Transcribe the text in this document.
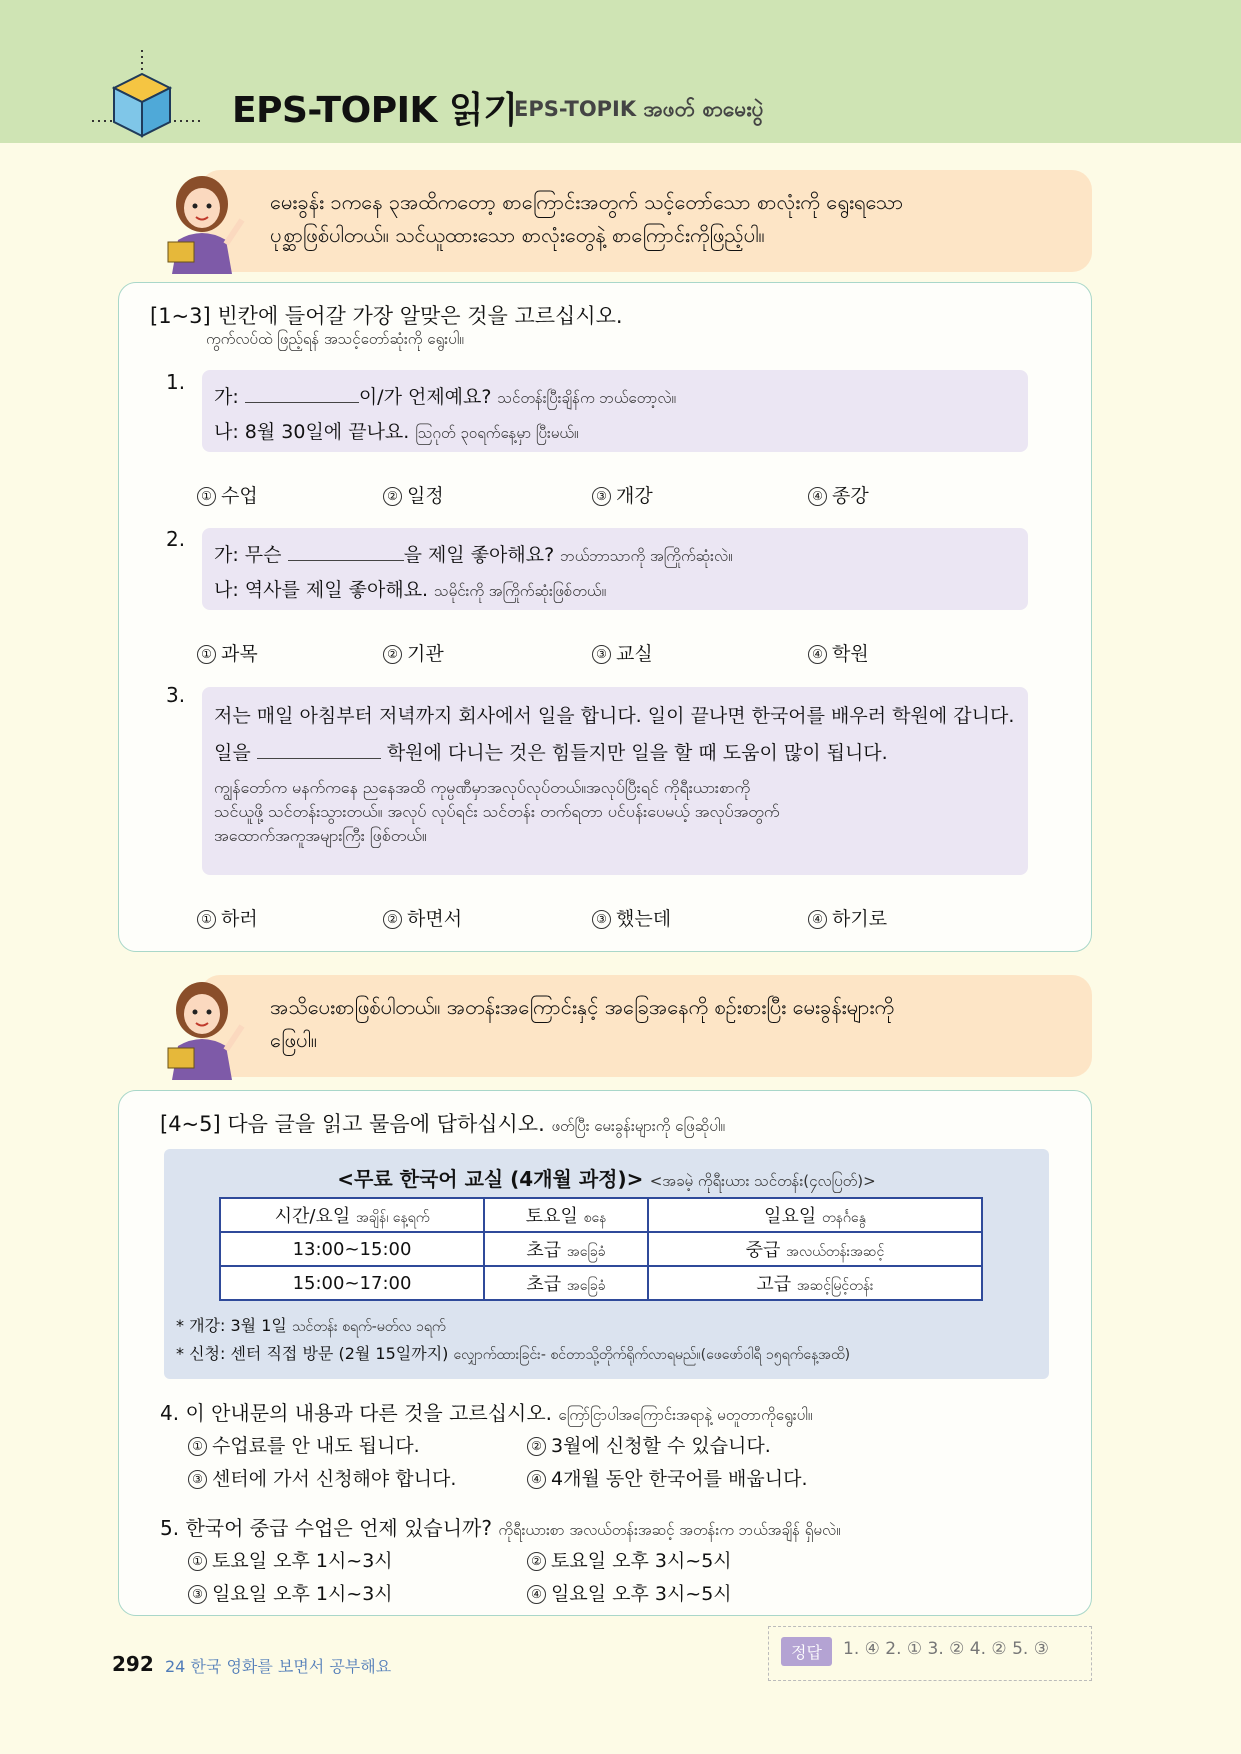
EPS-TOPIK 읽기
EPS-TOPIK အဖတ် စာမေးပွဲ
မေးခွန်း ၁ကနေ ၃အထိကတော့ စာကြောင်းအတွက် သင့်တော်သော စာလုံးကို ရွေးရသော
ပုစ္ဆာဖြစ်ပါတယ်။ သင်ယူထားသော စာလုံးတွေနဲ့ စာကြောင်းကိုဖြည့်ပါ။
[1~3] 빈칸에 들어갈 가장 알맞은 것을 고르십시오.
ကွက်လပ်ထဲ ဖြည့်ရန် အသင့်တော်ဆုံးကို ရွေးပါ။
1.
가:	이/가 언제예요? သင်တန်းပြီးချိန်က ဘယ်တော့လဲ။
나: 8월 30일에 끝나요. ဩဂုတ် ၃၀ရက်နေ့မှာ ပြီးမယ်။
① 수업	② 일정	③ 개강	④ 종강
2.
가: 무슨	을 제일 좋아해요? ဘယ်ဘာသာကို အကြိုက်ဆုံးလဲ။
나: 역사를 제일 좋아해요. သမိုင်းကို အကြိုက်ဆုံးဖြစ်တယ်။
① 과목	② 기관	③ 교실	④ 학원
3.
저는 매일 아침부터 저녁까지 회사에서 일을 합니다. 일이 끝나면 한국어를 배우러 학원에 갑니다.
일을	학원에 다니는 것은 힘들지만 일을 할 때 도움이 많이 됩니다.
ကျွန်တော်က မနက်ကနေ ညနေအထိ ကုမ္ပဏီမှာအလုပ်လုပ်တယ်။အလုပ်ပြီးရင် ကိုရီးယားစာကို
သင်ယူဖို့ သင်တန်းသွားတယ်။ အလုပ် လုပ်ရင်း သင်တန်း တက်ရတာ ပင်ပန်းပေမယ့် အလုပ်အတွက်
အထောက်အကူအများကြီး ဖြစ်တယ်။
① 하러	② 하면서	③ 했는데	④ 하기로
အသိပေးစာဖြစ်ပါတယ်။ အတန်းအကြောင်းနှင့် အခြေအနေကို စဉ်းစားပြီး မေးခွန်းများကို
ဖြေပါ။
[4~5] 다음 글을 읽고 물음에 답하십시오. ဖတ်ပြီး မေးခွန်းများကို ဖြေဆိုပါ။
<무료 한국어 교실 (4개월 과정)> <အခမဲ့ ကိုရီးယား သင်တန်း(၄လပြတ်)>
시간/요일 အချိန်၊ နေ့ရက်	토요일 စနေ	일요일 တနင်္ဂနွေ
13:00~15:00	초급 အခြေခံ	중급 အလယ်တန်းအဆင့်
15:00~17:00	초급 အခြေခံ	고급 အဆင့်မြင့်တန်း
* 개강: 3월 1일 သင်တန်း စရက်-မတ်လ ၁ရက်
* 신청: 센터 직접 방문 (2월 15일까지) လျှောက်ထားခြင်း- စင်တာသို့တိုက်ရိုက်လာရမည်။(ဖေဖော်ဝါရီ ၁၅ရက်နေ့အထိ)
4. 이 안내문의 내용과 다른 것을 고르십시오. ကြော်ငြာပါအကြောင်းအရာနဲ့ မတူတာကိုရွေးပါ။
① 수업료를 안 내도 됩니다.	② 3월에 신청할 수 있습니다.
③ 센터에 가서 신청해야 합니다.	④ 4개월 동안 한국어를 배웁니다.
5. 한국어 중급 수업은 언제 있습니까? ကိုရီးယားစာ အလယ်တန်းအဆင့် အတန်းက ဘယ်အချိန် ရှိမလဲ။
① 토요일 오후 1시~3시	② 토요일 오후 3시~5시
③ 일요일 오후 1시~3시	④ 일요일 오후 3시~5시
292 24 한국 영화를 보면서 공부해요
정답	1. ④ 2. ① 3. ② 4. ② 5. ③
